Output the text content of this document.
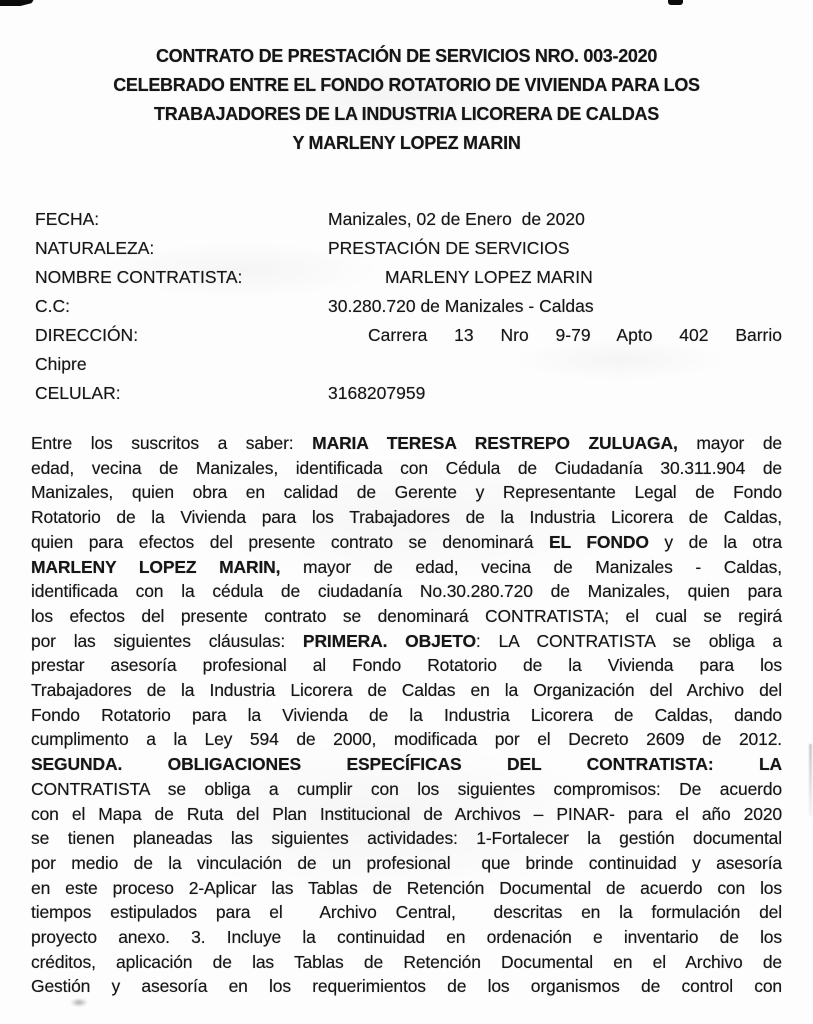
CONTRATO DE PRESTACIÓN DE SERVICIOS NRO. 003-2020
CELEBRADO ENTRE EL FONDO ROTATORIO DE VIVIENDA PARA LOS
TRABAJADORES DE LA INDUSTRIA LICORERA DE CALDAS
Y MARLENY LOPEZ MARIN
FECHA:	Manizales, 02 de Enero  de 2020
NATURALEZA:	PRESTACIÓN DE SERVICIOS
NOMBRE CONTRATISTA:	MARLENY LOPEZ MARIN
C.C:	30.280.720 de Manizales - Caldas
DIRECCIÓN:	Carrera 13 Nro 9-79 Apto 402 Barrio
Chipre
CELULAR:	3168207959
Entre los suscritos a saber: MARIA TERESA RESTREPO ZULUAGA, mayor de
edad, vecina de Manizales, identificada con Cédula de Ciudadanía 30.311.904 de
Manizales, quien obra en calidad de Gerente y Representante Legal de Fondo
Rotatorio de la Vivienda para los Trabajadores de la Industria Licorera de Caldas,
quien para efectos del presente contrato se denominará EL FONDO y de la otra
MARLENY LOPEZ MARIN, mayor de edad, vecina de Manizales - Caldas,
identificada con la cédula de ciudadanía No.30.280.720 de Manizales, quien para
los efectos del presente contrato se denominará CONTRATISTA; el cual se regirá
por las siguientes cláusulas: PRIMERA. OBJETO: LA CONTRATISTA se obliga a
prestar asesoría profesional al Fondo Rotatorio de la Vivienda para los
Trabajadores de la Industria Licorera de Caldas en la Organización del Archivo del
Fondo Rotatorio para la Vivienda de la Industria Licorera de Caldas, dando
cumplimento a la Ley 594 de 2000, modificada por el Decreto 2609 de 2012.
SEGUNDA. OBLIGACIONES ESPECÍFICAS DEL CONTRATISTA: LA
CONTRATISTA se obliga a cumplir con los siguientes compromisos: De acuerdo
con el Mapa de Ruta del Plan Institucional de Archivos – PINAR- para el año 2020
se tienen planeadas las siguientes actividades: 1-Fortalecer la gestión documental
por medio de la vinculación de un profesional  que brinde continuidad y asesoría
en este proceso 2-Aplicar las Tablas de Retención Documental de acuerdo con los
tiempos estipulados para el  Archivo Central,  descritas en la formulación del
proyecto anexo. 3. Incluye la continuidad en ordenación e inventario de los
créditos, aplicación de las Tablas de Retención Documental en el Archivo de
Gestión y asesoría en los requerimientos de los organismos de control con
